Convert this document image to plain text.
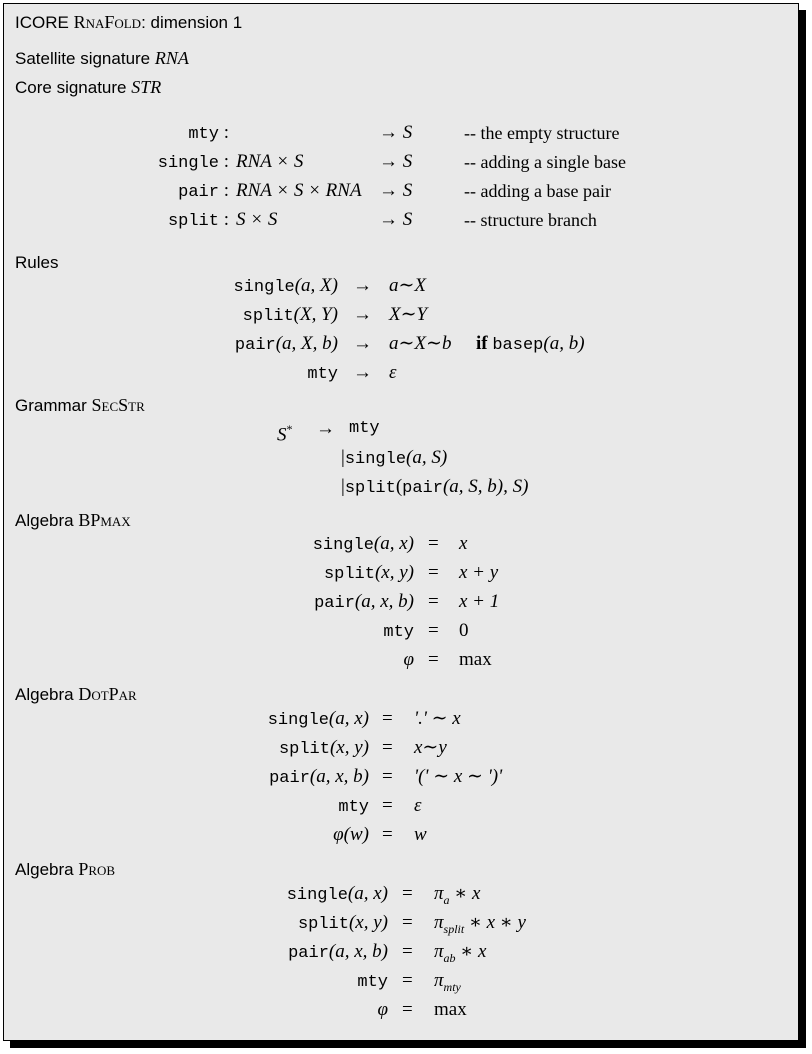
ICORE RnaFold: dimension 1
Satellite signature RNA
Core signature STR
mty :	→ S	-- the empty structure
single : RNA × S	→ S	-- adding a single base
pair : RNA × S × RNA → S	-- adding a base pair
split : S × S	→ S	-- structure branch
Rules
single(a, X) → a∼X
split(X, Y) → X∼Y
pair(a, X, b) → a∼X∼b if basep(a, b)
mty → ε
Grammar SecStr
S* → mty
|single(a, S)
|split(pair(a, S, b), S)
Algebra BPmax
single(a, x) = x
split(x, y) = x + y
pair(a, x, b) = x + 1
mty = 0
φ = max
Algebra DotPar
single(a, x) = '.' ∼ x
split(x, y) = x∼y
pair(a, x, b) = '(' ∼ x ∼ ')'
mty = ε
φ(w) = w
Algebra Prob
single(a, $x) = \pi_a$ ∗ x
split(x, $y) = \pi_{split}$ ∗ x ∗ y
pair(a, x, $b) = \pi_{ab}$ ∗ x
mty = $\pi_{mty}$
φ = max
